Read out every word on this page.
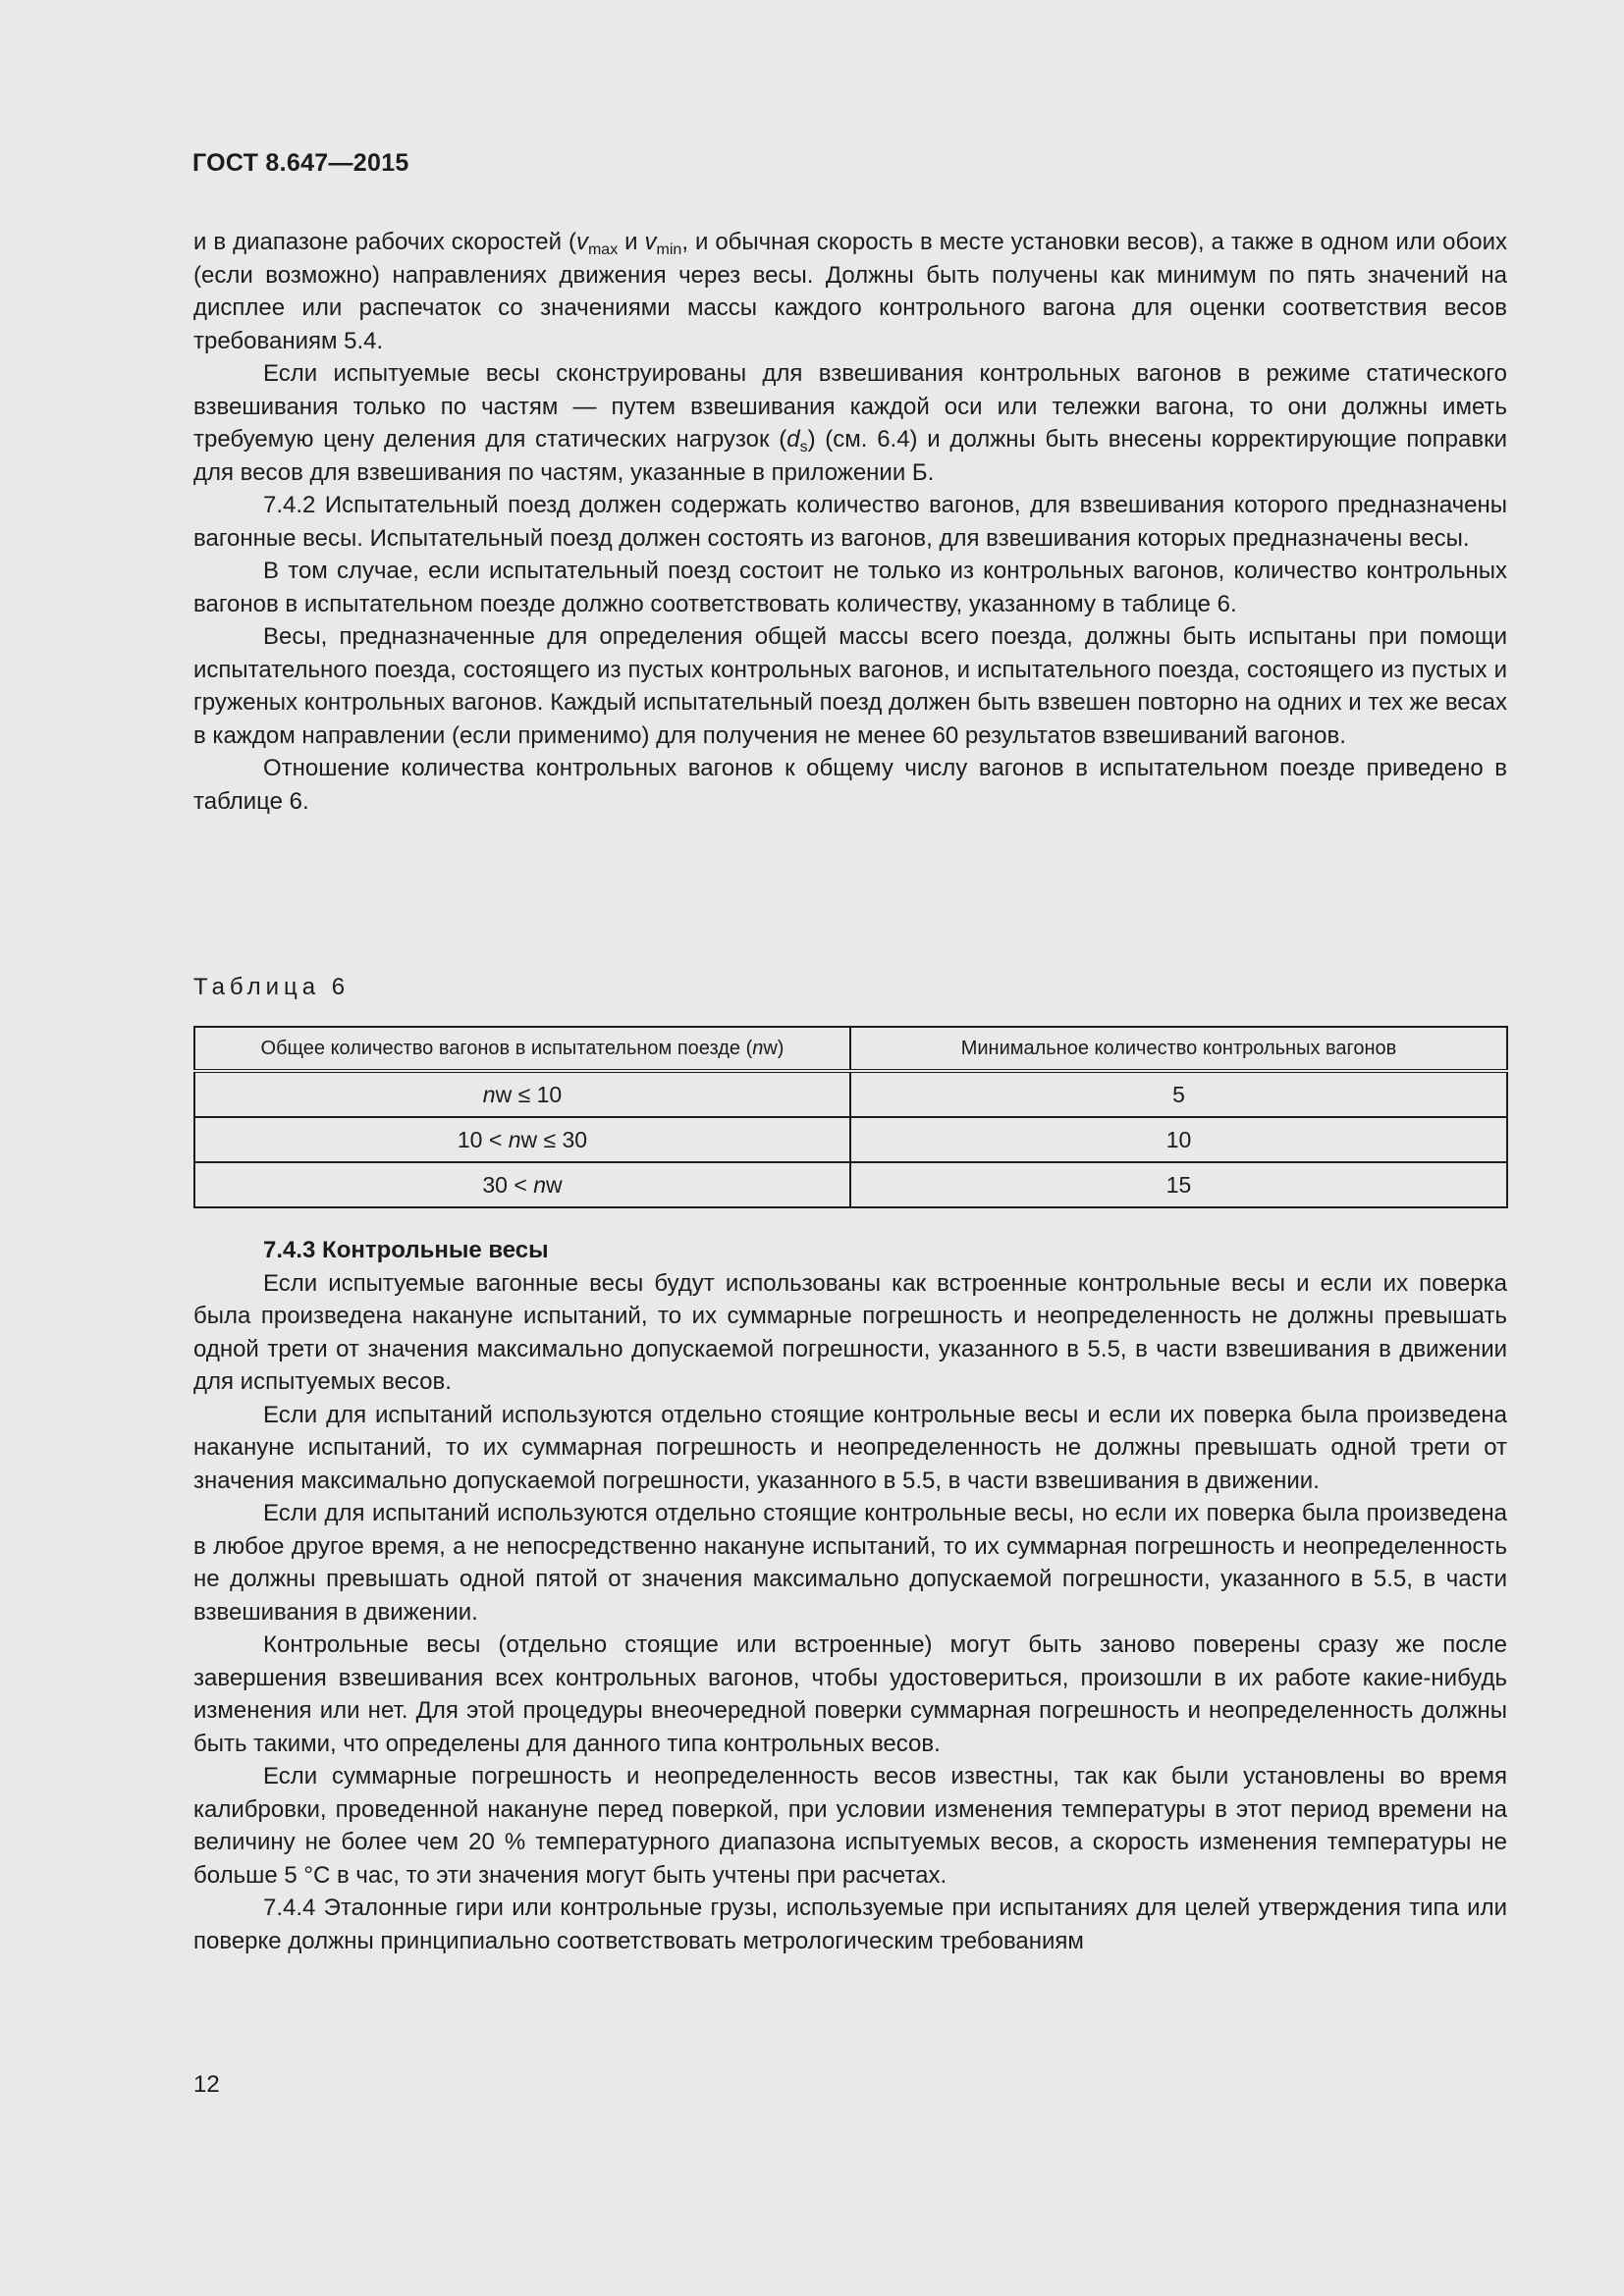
ГОСТ 8.647—2015

и в диапазоне рабочих скоростей ($v_{max}$ и $v_{min}$, и обычная скорость в месте установки весов), а также в одном или обоих (если возможно) направлениях движения через весы. Должны быть получены как минимум по пять значений на дисплее или распечаток со значениями массы каждого контрольного вагона для оценки соответствия весов требованиям 5.4.

Если испытуемые весы сконструированы для взвешивания контрольных вагонов в режиме статического взвешивания только по частям — путем взвешивания каждой оси или тележки вагона, то они должны иметь требуемую цену деления для статических нагрузок $(d_s)$ (см. 6.4) и должны быть внесены корректирующие поправки для весов для взвешивания по частям, указанные в приложении Б.

7.4.2 Испытательный поезд должен содержать количество вагонов, для взвешивания которого предназначены вагонные весы. Испытательный поезд должен состоять из вагонов, для взвешивания которых предназначены весы.

В том случае, если испытательный поезд состоит не только из контрольных вагонов, количество контрольных вагонов в испытательном поезде должно соответствовать количеству, указанному в таблице 6.

Весы, предназначенные для определения общей массы всего поезда, должны быть испытаны при помощи испытательного поезда, состоящего из пустых контрольных вагонов, и испытательного поезда, состоящего из пустых и груженых контрольных вагонов. Каждый испытательный поезд должен быть взвешен повторно на одних и тех же весах в каждом направлении (если применимо) для получения не менее 60 результатов взвешиваний вагонов.

Отношение количества контрольных вагонов к общему числу вагонов в испытательном поезде приведено в таблице 6.

Таблица 6
Общее количество вагонов в испытательном поезде (nw)	Минимальное количество контрольных вагонов
nw ≤ 10	5
10 < nw ≤ 30	10
30 < nw	15

7.4.3 Контрольные весы

Если испытуемые вагонные весы будут использованы как встроенные контрольные весы и если их поверка была произведена накануне испытаний, то их суммарные погрешность и неопределенность не должны превышать одной трети от значения максимально допускаемой погрешности, указанного в 5.5, в части взвешивания в движении для испытуемых весов.

Если для испытаний используются отдельно стоящие контрольные весы и если их поверка была произведена накануне испытаний, то их суммарная погрешность и неопределенность не должны превышать одной трети от значения максимально допускаемой погрешности, указанного в 5.5, в части взвешивания в движении.

Если для испытаний используются отдельно стоящие контрольные весы, но если их поверка была произведена в любое другое время, а не непосредственно накануне испытаний, то их суммарная погрешность и неопределенность не должны превышать одной пятой от значения максимально допускаемой погрешности, указанного в 5.5, в части взвешивания в движении.

Контрольные весы (отдельно стоящие или встроенные) могут быть заново поверены сразу же после завершения взвешивания всех контрольных вагонов, чтобы удостовериться, произошли в их работе какие-нибудь изменения или нет. Для этой процедуры внеочередной поверки суммарная погрешность и неопределенность должны быть такими, что определены для данного типа контрольных весов.

Если суммарные погрешность и неопределенность весов известны, так как были установлены во время калибровки, проведенной накануне перед поверкой, при условии изменения температуры в этот период времени на величину не более чем 20 % температурного диапазона испытуемых весов, а скорость изменения температуры не больше 5 °С в час, то эти значения могут быть учтены при расчетах.

7.4.4 Эталонные гири или контрольные грузы, используемые при испытаниях для целей утверждения типа или поверке должны принципиально соответствовать метрологическим требованиям

12
